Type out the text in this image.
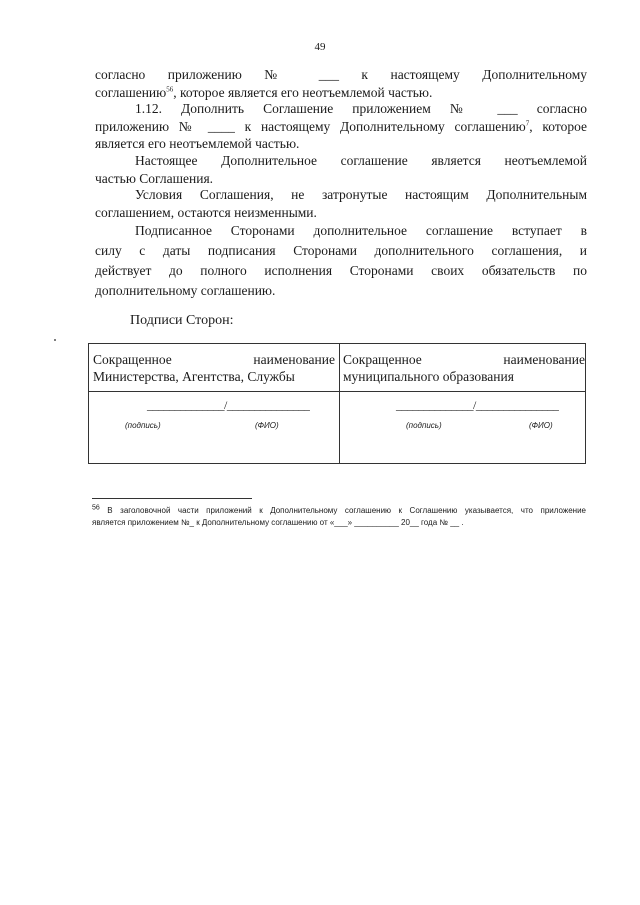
49

согласно приложению № ___ к настоящему Дополнительному

соглашению$^{56}$, которое является его неотъемлемой частью.

1.12. Дополнить Соглашение приложением № ___ согласно

приложению № ____ к настоящему Дополнительному соглашению$^7$, которое

является его неотъемлемой частью.

Настоящее Дополнительное соглашение является неотъемлемой

частью Соглашения.

Условия Соглашения, не затронутые настоящим Дополнительным

соглашением, остаются неизменными.

Подписанное Сторонами дополнительное соглашение вступает в

силу с даты подписания Сторонами дополнительного соглашения, и

действует до полного исполнения Сторонами своих обязательств по

дополнительному соглашению.

Подписи Сторон:
Сокращенное наименование
Министерства, Агентства, Службы
Сокращенное наименование
муниципального образования
______________/_______________
(подпись)	(ФИО)
______________/_______________
(подпись)	(ФИО)
$^{56}$ В заголовочной части приложений к Дополнительному соглашению к Соглашению указывается, что приложение
является приложением №_ к Дополнительному соглашению от «___» __________ 20__ года № __ .
